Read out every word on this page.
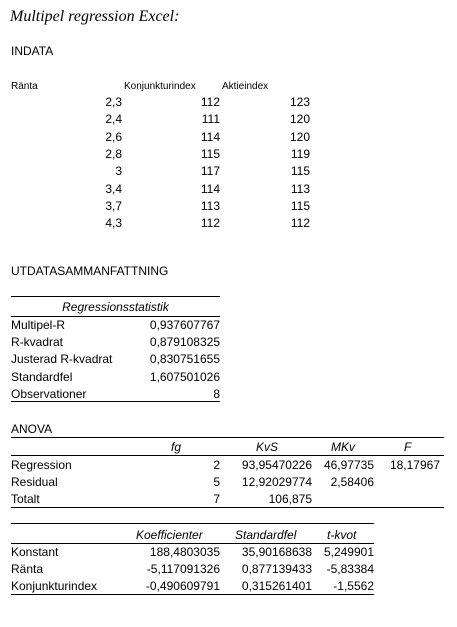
Multipel regression Excel:
INDATA
Ränta	Konjunkturindex	Aktieindex
2,3	112	123
2,4	111	120
2,6	114	120
2,8	115	119
3	117	115
3,4	114	113
3,7	113	115
4,3	112	112
UTDATASAMMANFATTNING
Regressionsstatistik
Multipel-R	0,937607767
R-kvadrat	0,879108325
Justerad R-kvadrat	0,830751655
Standardfel	1,607501026
Observationer	8
ANOVA
fg	KvS	MKv	F
Regression	2	93,95470226 46,97735	18,17967
Residual	5	12,92029774	2,58406
Totalt	7	106,875
Koefficienter	Standardfel	t-kvot
Konstant	188,4803035	35,90168638 5,249901
Ränta	-5,117091326	0,877139433	-5,83384
Konjunkturindex	-0,490609791	0,315261401	-1,5562
